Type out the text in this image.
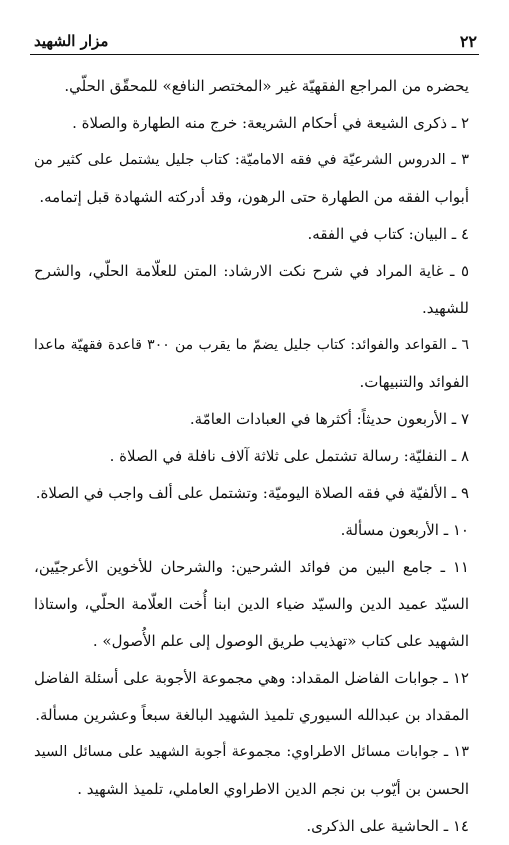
٢٢
مزار الشهيد
يحضره من المراجع الفقهيّة غير «المختصر النافع» للمحقّق الحلّي.
٢ ـ ذكرى الشيعة في أحكام الشريعة: خرج منه الطهارة والصلاة .
٣ ـ الدروس الشرعيّة في فقه الاماميّة: كتاب جليل يشتمل على كثير من
أبواب الفقه من الطهارة حتى الرهون، وقد أدركته الشهادة قبل إتمامه.
٤ ـ البيان: كتاب في الفقه.
٥ ـ غاية المراد في شرح نكت الارشاد: المتن للعلّامة الحلّي، والشرح
للشهيد.
٦ ـ القواعد والفوائد: كتاب جليل يضمّ ما يقرب من ٣٠٠ قاعدة فقهيّة ماعدا
الفوائد والتنبيهات.
٧ ـ الأربعون حديثاً: أكثرها في العبادات العامّة.
٨ ـ النفليّة: رسالة تشتمل على ثلاثة آلاف نافلة في الصلاة .
٩ ـ الألفيّة في فقه الصلاة اليوميّة: وتشتمل على ألف واجب في الصلاة.
١٠ ـ الأربعون مسألة.
١١ ـ جامع البين من فوائد الشرحين: والشرحان للأخوين الأعرجيّين،
السيّد عميد الدين والسيّد ضياء الدين ابنا أُخت العلّامة الحلّي، واستاذا
الشهيد على كتاب «تهذيب طريق الوصول إلى علم الأُصول» .
١٢ ـ جوابات الفاضل المقداد: وهي مجموعة الأجوبة على أسئلة الفاضل
المقداد بن عبدالله السيوري تلميذ الشهيد البالغة سبعاً وعشرين مسألة.
١٣ ـ جوابات مسائل الاطراوي: مجموعة أجوبة الشهيد على مسائل السيد
الحسن بن أيّوب بن نجم الدين الاطراوي العاملي، تلميذ الشهيد .
١٤ ـ الحاشية على الذكرى.
